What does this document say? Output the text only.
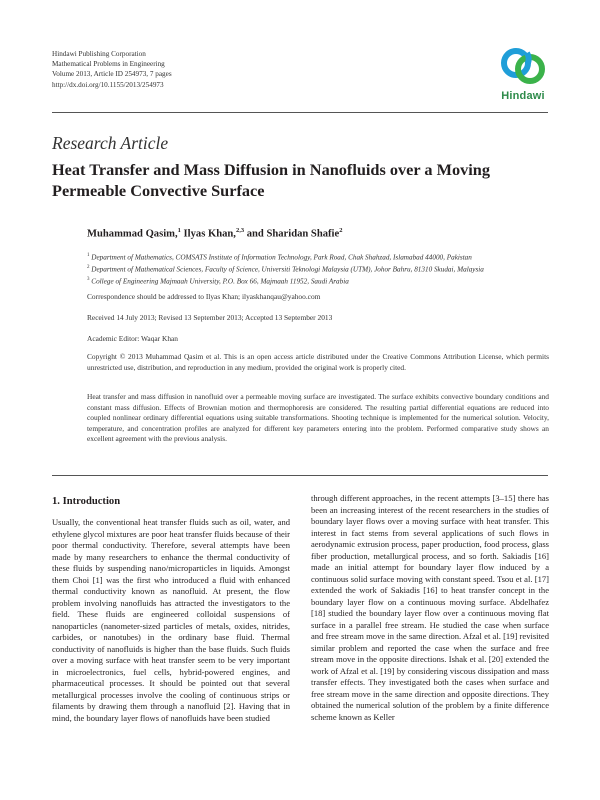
Hindawi Publishing Corporation
Mathematical Problems in Engineering
Volume 2013, Article ID 254973, 7 pages
http://dx.doi.org/10.1155/2013/254973
Hindawi
Research Article
Heat Transfer and Mass Diffusion in Nanofluids over a Moving Permeable Convective Surface
Muhammad Qasim,$^1$ Ilyas Khan,$^{2,3}$ and Sharidan Shafie$^2$
$^1$ Department of Mathematics, COMSATS Institute of Information Technology, Park Road, Chak Shahzad, Islamabad 44000, Pakistan
$^2$ Department of Mathematical Sciences, Faculty of Science, Universiti Teknologi Malaysia (UTM), Johor Bahru, 81310 Skudai, Malaysia
$^3$ College of Engineering Majmaah University, P.O. Box 66, Majmaah 11952, Saudi Arabia
Correspondence should be addressed to Ilyas Khan; ilyaskhanqau@yahoo.com
Received 14 July 2013; Revised 13 September 2013; Accepted 13 September 2013
Academic Editor: Waqar Khan
Copyright © 2013 Muhammad Qasim et al. This is an open access article distributed under the Creative Commons Attribution License, which permits unrestricted use, distribution, and reproduction in any medium, provided the original work is properly cited.
Heat transfer and mass diffusion in nanofluid over a permeable moving surface are investigated. The surface exhibits convective boundary conditions and constant mass diffusion. Effects of Brownian motion and thermophoresis are considered. The resulting partial differential equations are reduced into coupled nonlinear ordinary differential equations using suitable transformations. Shooting technique is implemented for the numerical solution. Velocity, temperature, and concentration profiles are analyzed for different key parameters entering into the problem. Performed comparative study shows an excellent agreement with the previous analysis.
1. Introduction

Usually, the conventional heat transfer fluids such as oil, water, and ethylene glycol mixtures are poor heat transfer fluids because of their poor thermal conductivity. Therefore, several attempts have been made by many researchers to enhance the thermal conductivity of these fluids by suspending nano/microparticles in liquids. Amongst them Choi [1] was the first who introduced a fluid with enhanced thermal conductivity known as nanofluid. At present, the flow problem involving nanofluids has attracted the investigators to the field. These fluids are engineered colloidal suspensions of nanoparticles (nanometer-sized particles of metals, oxides, nitrides, carbides, or nanotubes) in the ordinary base fluid. Thermal conductivity of nanofluids is higher than the base fluids. Such fluids over a moving surface with heat transfer seem to be very important in microelectronics, fuel cells, hybrid-powered engines, and pharmaceutical processes. It should be pointed out that several metallurgical processes involve the cooling of continuous strips or filaments by drawing them through a nanofluid [2]. Having that in mind, the boundary layer flows of nanofluids have been studied

through different approaches, in the recent attempts [3–15] there has been an increasing interest of the recent researchers in the studies of boundary layer flows over a moving surface with heat transfer. This interest in fact stems from several applications of such flows in aerodynamic extrusion process, paper production, food process, glass fiber production, metallurgical process, and so forth. Sakiadis [16] made an initial attempt for boundary layer flow induced by a continuous solid surface moving with constant speed. Tsou et al. [17] extended the work of Sakiadis [16] to heat transfer concept in the boundary layer flow on a continuous moving surface. Abdelhafez [18] studied the boundary layer flow over a continuous moving flat surface in a parallel free stream. He studied the case when surface and free stream move in the same direction. Afzal et al. [19] revisited similar problem and reported the case when the surface and free stream move in the opposite directions. Ishak et al. [20] extended the work of Afzal et al. [19] by considering viscous dissipation and mass transfer effects. They investigated both the cases when surface and free stream move in the same direction and opposite directions. They obtained the numerical solution of the problem by a finite difference scheme known as Keller
